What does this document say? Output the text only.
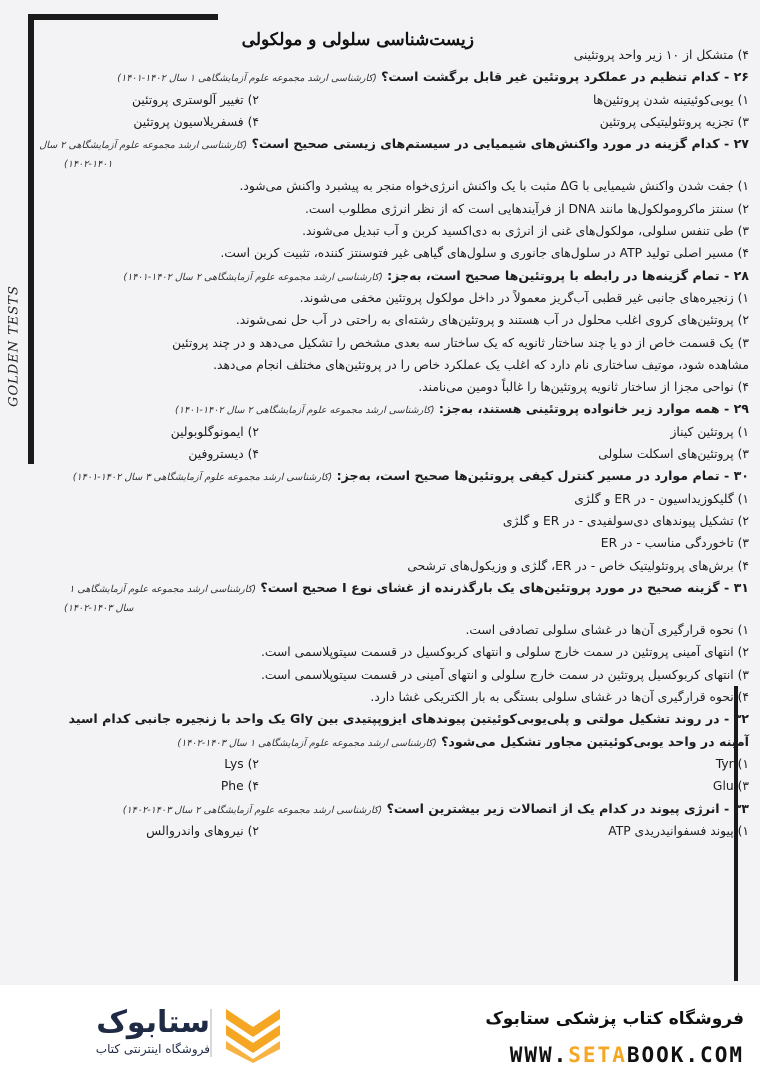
GOLDEN TESTS
زیست‌شناسی سلولی و مولکولی
۴) متشکل از ۱۰ زیر واحد پروتئینی
۲۶ - کدام تنظیم در عملکرد پروتئین غیر قابل برگشت است؟ (کارشناسی ارشد مجموعه علوم آزمایشگاهی ۱ سال ۱۴۰۲-۱۴۰۱)
۱) یوبی‌کوئیتینه شدن پروتئین‌ها
۲) تغییر آلوستری پروتئین
۳) تجزیه پروتئولیتیکی پروتئین
۴) فسفریلاسیون پروتئین
۲۷ - کدام گزینه در مورد واکنش‌های شیمیایی در سیستم‌های زیستی صحیح است؟ (کارشناسی ارشد مجموعه علوم آزمایشگاهی ۲ سال
۱۴۰۲-۱۴۰۱)
۱) جفت شدن واکنش شیمیایی با ΔG مثبت با یک واکنش انرژی‌خواه منجر به پیشبرد واکنش می‌شود.
۲) سنتز ماکرومولکول‌ها مانند DNA از فرآیندهایی است که از نظر انرژی مطلوب است.
۳) طی تنفس سلولی، مولکول‌های غنی از انرژی به دی‌اکسید کربن و آب تبدیل می‌شوند.
۴) مسیر اصلی تولید ATP در سلول‌های جانوری و سلول‌های گیاهی غیر فتوسنتز کننده، تثبیت کربن است.
۲۸ - تمام گزینه‌ها در رابطه با پروتئین‌ها صحیح است، به‌جز: (کارشناسی ارشد مجموعه علوم آزمایشگاهی ۲ سال ۱۴۰۲-۱۴۰۱)
۱) زنجیره‌های جانبی غیر قطبی آب‌گریز معمولاً در داخل مولکول پروتئین مخفی می‌شوند.
۲) پروتئین‌های کروی اغلب محلول در آب هستند و پروتئین‌های رشته‌ای به راحتی در آب حل نمی‌شوند.
۳) یک قسمت خاص از دو یا چند ساختار ثانویه که یک ساختار سه بعدی مشخص را تشکیل می‌دهد و در چند پروتئین
مشاهده شود، موتیف ساختاری نام دارد که اغلب یک عملکرد خاص را در پروتئین‌های مختلف انجام می‌دهد.
۴) نواحی مجزا از ساختار ثانویه پروتئین‌ها را غالباً دومین می‌نامند.
۲۹ - همه موارد زیر خانواده پروتئینی هستند، به‌جز: (کارشناسی ارشد مجموعه علوم آزمایشگاهی ۲ سال ۱۴۰۲-۱۴۰۱)
۱) پروتئین کیناز
۲) ایمونوگلوبولین
۳) پروتئین‌های اسکلت سلولی
۴) دیستروفین
۳۰ - تمام موارد در مسیر کنترل کیفی پروتئین‌ها صحیح است، به‌جز: (کارشناسی ارشد مجموعه علوم آزمایشگاهی ۳ سال ۱۴۰۲-۱۴۰۱)
۱) گلیکوزیداسیون - در ER و گلژی
۲) تشکیل پیوندهای دی‌سولفیدی - در ER و گلژی
۳) تاخوردگی مناسب - در ER
۴) برش‌های پروتئولیتیک خاص - در ER، گلژی و وزیکول‌های ترشحی
۳۱ - گزینه صحیح در مورد پروتئین‌های یک بارگذرنده از غشای نوع I صحیح است؟ (کارشناسی ارشد مجموعه علوم آزمایشگاهی ۱
سال ۱۴۰۳-۱۴۰۲)
۱) نحوه قرارگیری آن‌ها در غشای سلولی تصادفی است.
۲) انتهای آمینی پروتئین در سمت خارج سلولی و انتهای کربوکسیل در قسمت سیتوپلاسمی است.
۳) انتهای کربوکسیل پروتئین در سمت خارج سلولی و انتهای آمینی در قسمت سیتوپلاسمی است.
۴) نحوه قرارگیری آن‌ها در غشای سلولی بستگی به بار الکتریکی غشا دارد.
۳۲ - در روند تشکیل مولتی و پلی‌یوبی‌کوئیتین پیوندهای ایزوپپتیدی بین Gly یک واحد با زنجیره جانبی کدام اسید
آمینه در واحد یوبی‌کوئیتین مجاور تشکیل می‌شود؟ (کارشناسی ارشد مجموعه علوم آزمایشگاهی ۱ سال ۱۴۰۳-۱۴۰۲)
۱) Tyr
۲) Lys
۳) Glu
۴) Phe
۳۳ - انرژی پیوند در کدام یک از اتصالات زیر بیشترین است؟ (کارشناسی ارشد مجموعه علوم آزمایشگاهی ۲ سال ۱۴۰۳-۱۴۰۲)
۱) پیوند فسفوانیدریدی ATP
۲) نیروهای واندروالس
ستابوک
فروشگاه اینترنتی کتاب
فروشگاه کتاب پزشکی ستابوک
WWW.SETABOOK.COM
